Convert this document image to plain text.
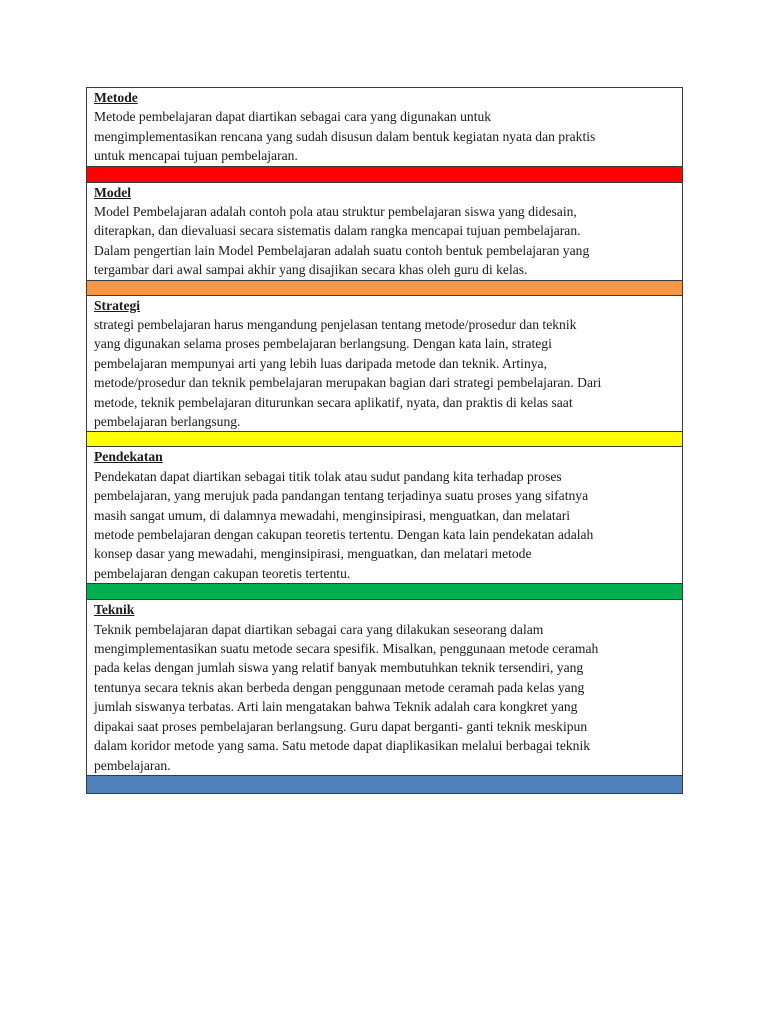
Metode
Metode pembelajaran dapat diartikan sebagai cara yang digunakan untuk
mengimplementasikan rencana yang sudah disusun dalam bentuk kegiatan nyata dan praktis
untuk mencapai tujuan pembelajaran.
Model
Model Pembelajaran adalah contoh pola atau struktur pembelajaran siswa yang didesain,
diterapkan, dan dievaluasi secara sistematis dalam rangka mencapai tujuan pembelajaran.
Dalam pengertian lain Model Pembelajaran adalah suatu contoh bentuk pembelajaran yang
tergambar dari awal sampai akhir yang disajikan secara khas oleh guru di kelas.
Strategi
strategi pembelajaran harus mengandung penjelasan tentang metode/prosedur dan teknik
yang digunakan selama proses pembelajaran berlangsung. Dengan kata lain, strategi
pembelajaran mempunyai arti yang lebih luas daripada metode dan teknik. Artinya,
metode/prosedur dan teknik pembelajaran merupakan bagian dari strategi pembelajaran. Dari
metode, teknik pembelajaran diturunkan secara aplikatif, nyata, dan praktis di kelas saat
pembelajaran berlangsung.
Pendekatan
Pendekatan dapat diartikan sebagai titik tolak atau sudut pandang kita terhadap proses
pembelajaran, yang merujuk pada pandangan tentang terjadinya suatu proses yang sifatnya
masih sangat umum, di dalamnya mewadahi, menginsipirasi, menguatkan, dan melatari
metode pembelajaran dengan cakupan teoretis tertentu. Dengan kata lain pendekatan adalah
konsep dasar yang mewadahi, menginsipirasi, menguatkan, dan melatari metode
pembelajaran dengan cakupan teoretis tertentu.
Teknik
Teknik pembelajaran dapat diartikan sebagai cara yang dilakukan seseorang dalam
mengimplementasikan suatu metode secara spesifik. Misalkan, penggunaan metode ceramah
pada kelas dengan jumlah siswa yang relatif banyak membutuhkan teknik tersendiri, yang
tentunya secara teknis akan berbeda dengan penggunaan metode ceramah pada kelas yang
jumlah siswanya terbatas. Arti lain mengatakan bahwa Teknik adalah cara kongkret yang
dipakai saat proses pembelajaran berlangsung. Guru dapat berganti- ganti teknik meskipun
dalam koridor metode yang sama. Satu metode dapat diaplikasikan melalui berbagai teknik
pembelajaran.
